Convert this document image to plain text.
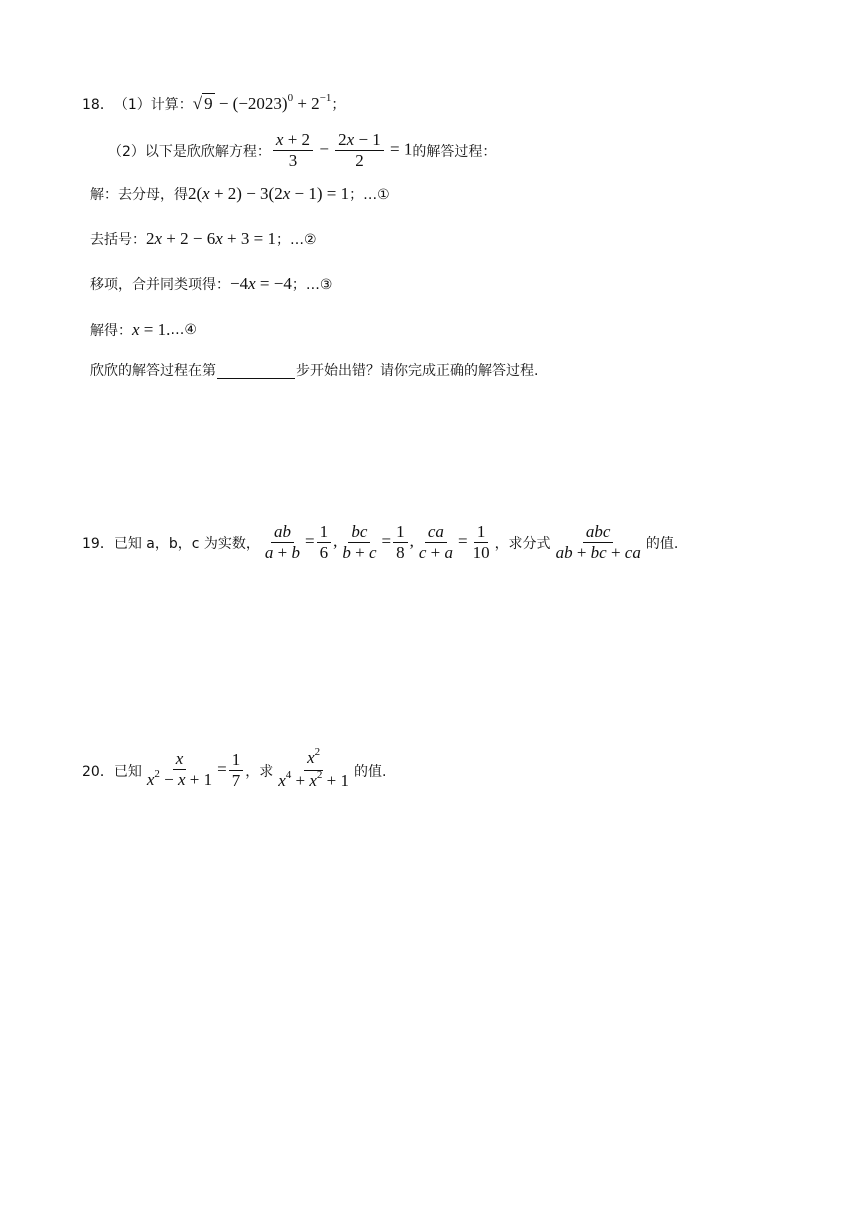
18． （1）计算： √ $9 - (-2023)^0 + 2^{-1}$ ；
（2）以下是欣欣解方程： $\frac{x + 2}{3} - \frac{2x - 1}{2} = 1$ 的解答过程：
解：去分母，得 2(x + 2) − 3(2x − 1) = 1 ；…①
去括号： 2x + 2 − 6x + 3 = 1 ；…②
移项，合并同类项得： −4x = −4 ；…③
解得： x = 1. …④
欣欣的解答过程在第	步开始出错？请你完成正确的解答过程.
19． 已知 a，b，c 为实数， $\frac{ab}{a + b} = \frac{1}{6}$ , $\frac{bc}{b + c} = \frac{1}{8}$ , $\frac{ca}{c + a} = \frac{1}{10}$ ，求分式 $\frac{\text{abc}}{ab + bc + ca}$ 的值.
20． 已知 $\frac{x}{x^2 - x + 1} = \frac{1}{7}$ ，求 $\frac{x^2}{x^4 + x^2 + 1}$ 的值.
